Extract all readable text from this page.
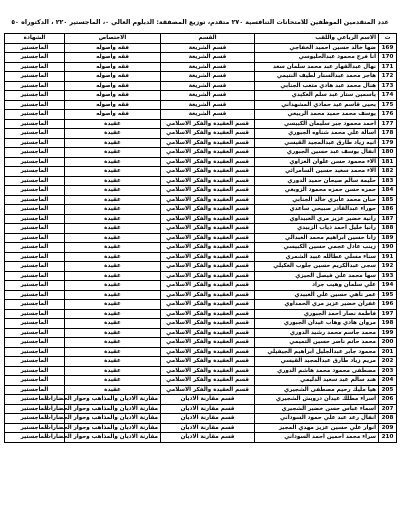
عدد المتقدمين الموظفين للامتحانات التنافسية ٢٧٠ متقدم، توزيع المصفقة: الدبلوم العالي ٠، الماجستير ٢٢٠ ، الدكتوراه ٥٠
ت	الاسم الرباعي واللقب	القسم	الاختصاص	الشهادة
169	ضها خالد حسين احميد الخفاجي	قسم الشريعة	فقه واصوله	الماجستير
170	انا فرج محمود عبدالحليوسي	قسم الشريعة	فقه واصوله	الماجستير
171	نهال عبدالقهار عبد محمد سلمان سعد	قسم الشريعة	فقه واصوله	الماجستير
172	هاجر محمد عبدالستار لطيف النتيمي	قسم الشريعة	فقه واصوله	الماجستير
173	هنال محمد عبد هادي متعب الجنابي	قسم الشريعة	فقه واصوله	الماجستير
174	ياسمين ستار عبد سلم العكيدي	قسم الشريعة	فقه واصوله	الماجستير
175	يحيى قاسم عيد حمادي المشهداني	قسم الشريعة	فقه واصوله	الماجستير
176	يوسف محمد حميد محمد الربيعي	قسم الشريعة	فقه واصوله	الماجستير
177	احمد محمود جبر سليمان الكبيسي	قسم العقيدة والفكر الاسلامي	عقيدة	الماجستير
178	اسالة علي محمد شناوه الجبوري	قسم العقيدة والفكر الاسلامي	عقيدة	الماجستير
179	انيه زياد طارق عبدالمجيد القيسي	قسم العقيدة والفكر الاسلامي	عقيدة	الماجستير
180	انفال يوسف عبد حسين الجبوري	قسم العقيدة والفكر الاسلامي	عقيدة	الماجستير
181	الاء محمود حسن علوان العزاوي	قسم العقيدة والفكر الاسلامي	عقيدة	الماجستير
182	الاء محمد سعيد حسين السامرائي	قسم العقيدة والفكر الاسلامي	عقيدة	الماجستير
183	حليمة سالم صيحان حميد الدوري	قسم العقيدة والفكر الاسلامي	عقيدة	الماجستير
184	حمزه حسن حمزه محمود الزوبعي	قسم العقيدة والفكر الاسلامي	عقيدة	الماجستير
185	حنان محمد عابري خالد الجنابي	قسم العقيدة والفكر الاسلامي	عقيدة	الماجستير
186	حوراء عبدالقادر صبيحي ساعدي	قسم العقيدة والفكر الاسلامي	عقيدة	الماجستير
187	رانية خضير عزيز مري العبيداوي	قسم العقيدة والفكر الاسلامي	عقيدة	الماجستير
188	رانيا خليل احمد ذياب الزبيدي	قسم العقيدة والفكر الاسلامي	عقيدة	الماجستير
189	زانا حسين ابراهيم محمد العبدالي	قسم العقيدة والفكر الاسلامي	عقيدة	الماجستير
190	زينب عادل عجمي حسين الكبيسي	قسم العقيدة والفكر الاسلامي	عقيدة	الماجستير
191	سناء مسلي عطالله عبيد الشمري	قسم العقيدة والفكر الاسلامي	عقيدة	الماجستير
192	سجى عبدالكريم حسين جلوب العكيلي	قسم العقيدة والفكر الاسلامي	عقيدة	الماجستير
193	سها محمد علي فيصل الجيزي	قسم العقيدة والفكر الاسلامي	عقيدة	الماجستير
194	علي سلمان وهيب جراد	قسم العقيدة والفكر الاسلامي	عقيدة	الماجستير
195	عمر ناهي حسين علي العبيدي	قسم العقيدة والفكر الاسلامي	عقيدة	الماجستير
196	غفران خضير عزيز مري الحمداوي	قسم العقيدة والفكر الاسلامي	عقيدة	الماجستير
197	فاطمة نصار احمد الجبوري	قسم العقيدة والفكر الاسلامي	عقيدة	الماجستير
198	مروان هادي وهاب غيدان الجبوري	قسم العقيدة والفكر الاسلامي	عقيدة	الماجستير
199	محمد جاسم محمد رشيد الدوري	قسم العقيدة والفكر الاسلامي	عقيدة	الماجستير
200	محمد حاتم ناصر حسين التميمي	قسم العقيدة والفكر الاسلامي	عقيدة	الماجستير
201	محمود جابر عبدالجليل ابراهيم الجيفيلي	قسم العقيدة والفكر الاسلامي	عقيدة	الماجستير
202	مريم زياد طارق عبدالمجيد القيسي	قسم العقيدة والفكر الاسلامي	عقيدة	الماجستير
203	مصطفى محمود محمد هاشم الدوري	قسم العقيدة والفكر الاسلامي	عقيدة	الماجستير
204	هند سالم عبد سعيد الدليمي	قسم العقيدة والفكر الاسلامي	عقيدة	الماجستير
205	هيا مليك رحيم مصطفى الشجيري	قسم العقيدة والفكر الاسلامي	عقيدة	الماجستير
206	اسراء مطلك عيدان درويش الشجيري	قسم مقارنة الاديان	مقارنة الاديان والمذاهب وحوار الحضارات	الماجستير
207	اسماء عباس حسن خضير الشجيري	قسم مقارنة الاديان	مقارنة الاديان والمذاهب وحوار الحضارات	الماجستير
208	انفال رعد عبد علي حمود السوداني	قسم مقارنة الاديان	مقارنة الاديان والمذاهب وحوار الحضارات	الماجستير
209	انوار علي حسين عزيز مهدي المجيز	قسم مقارنة الاديان	مقارنة الاديان والمذاهب وحوار الحضارات	الماجستير
210	سراء محمد احمين احمد السوداني	قسم مقارنة الاديان	مقارنة الاديان والمذاهب وحوار الحضارات	الماجستير
